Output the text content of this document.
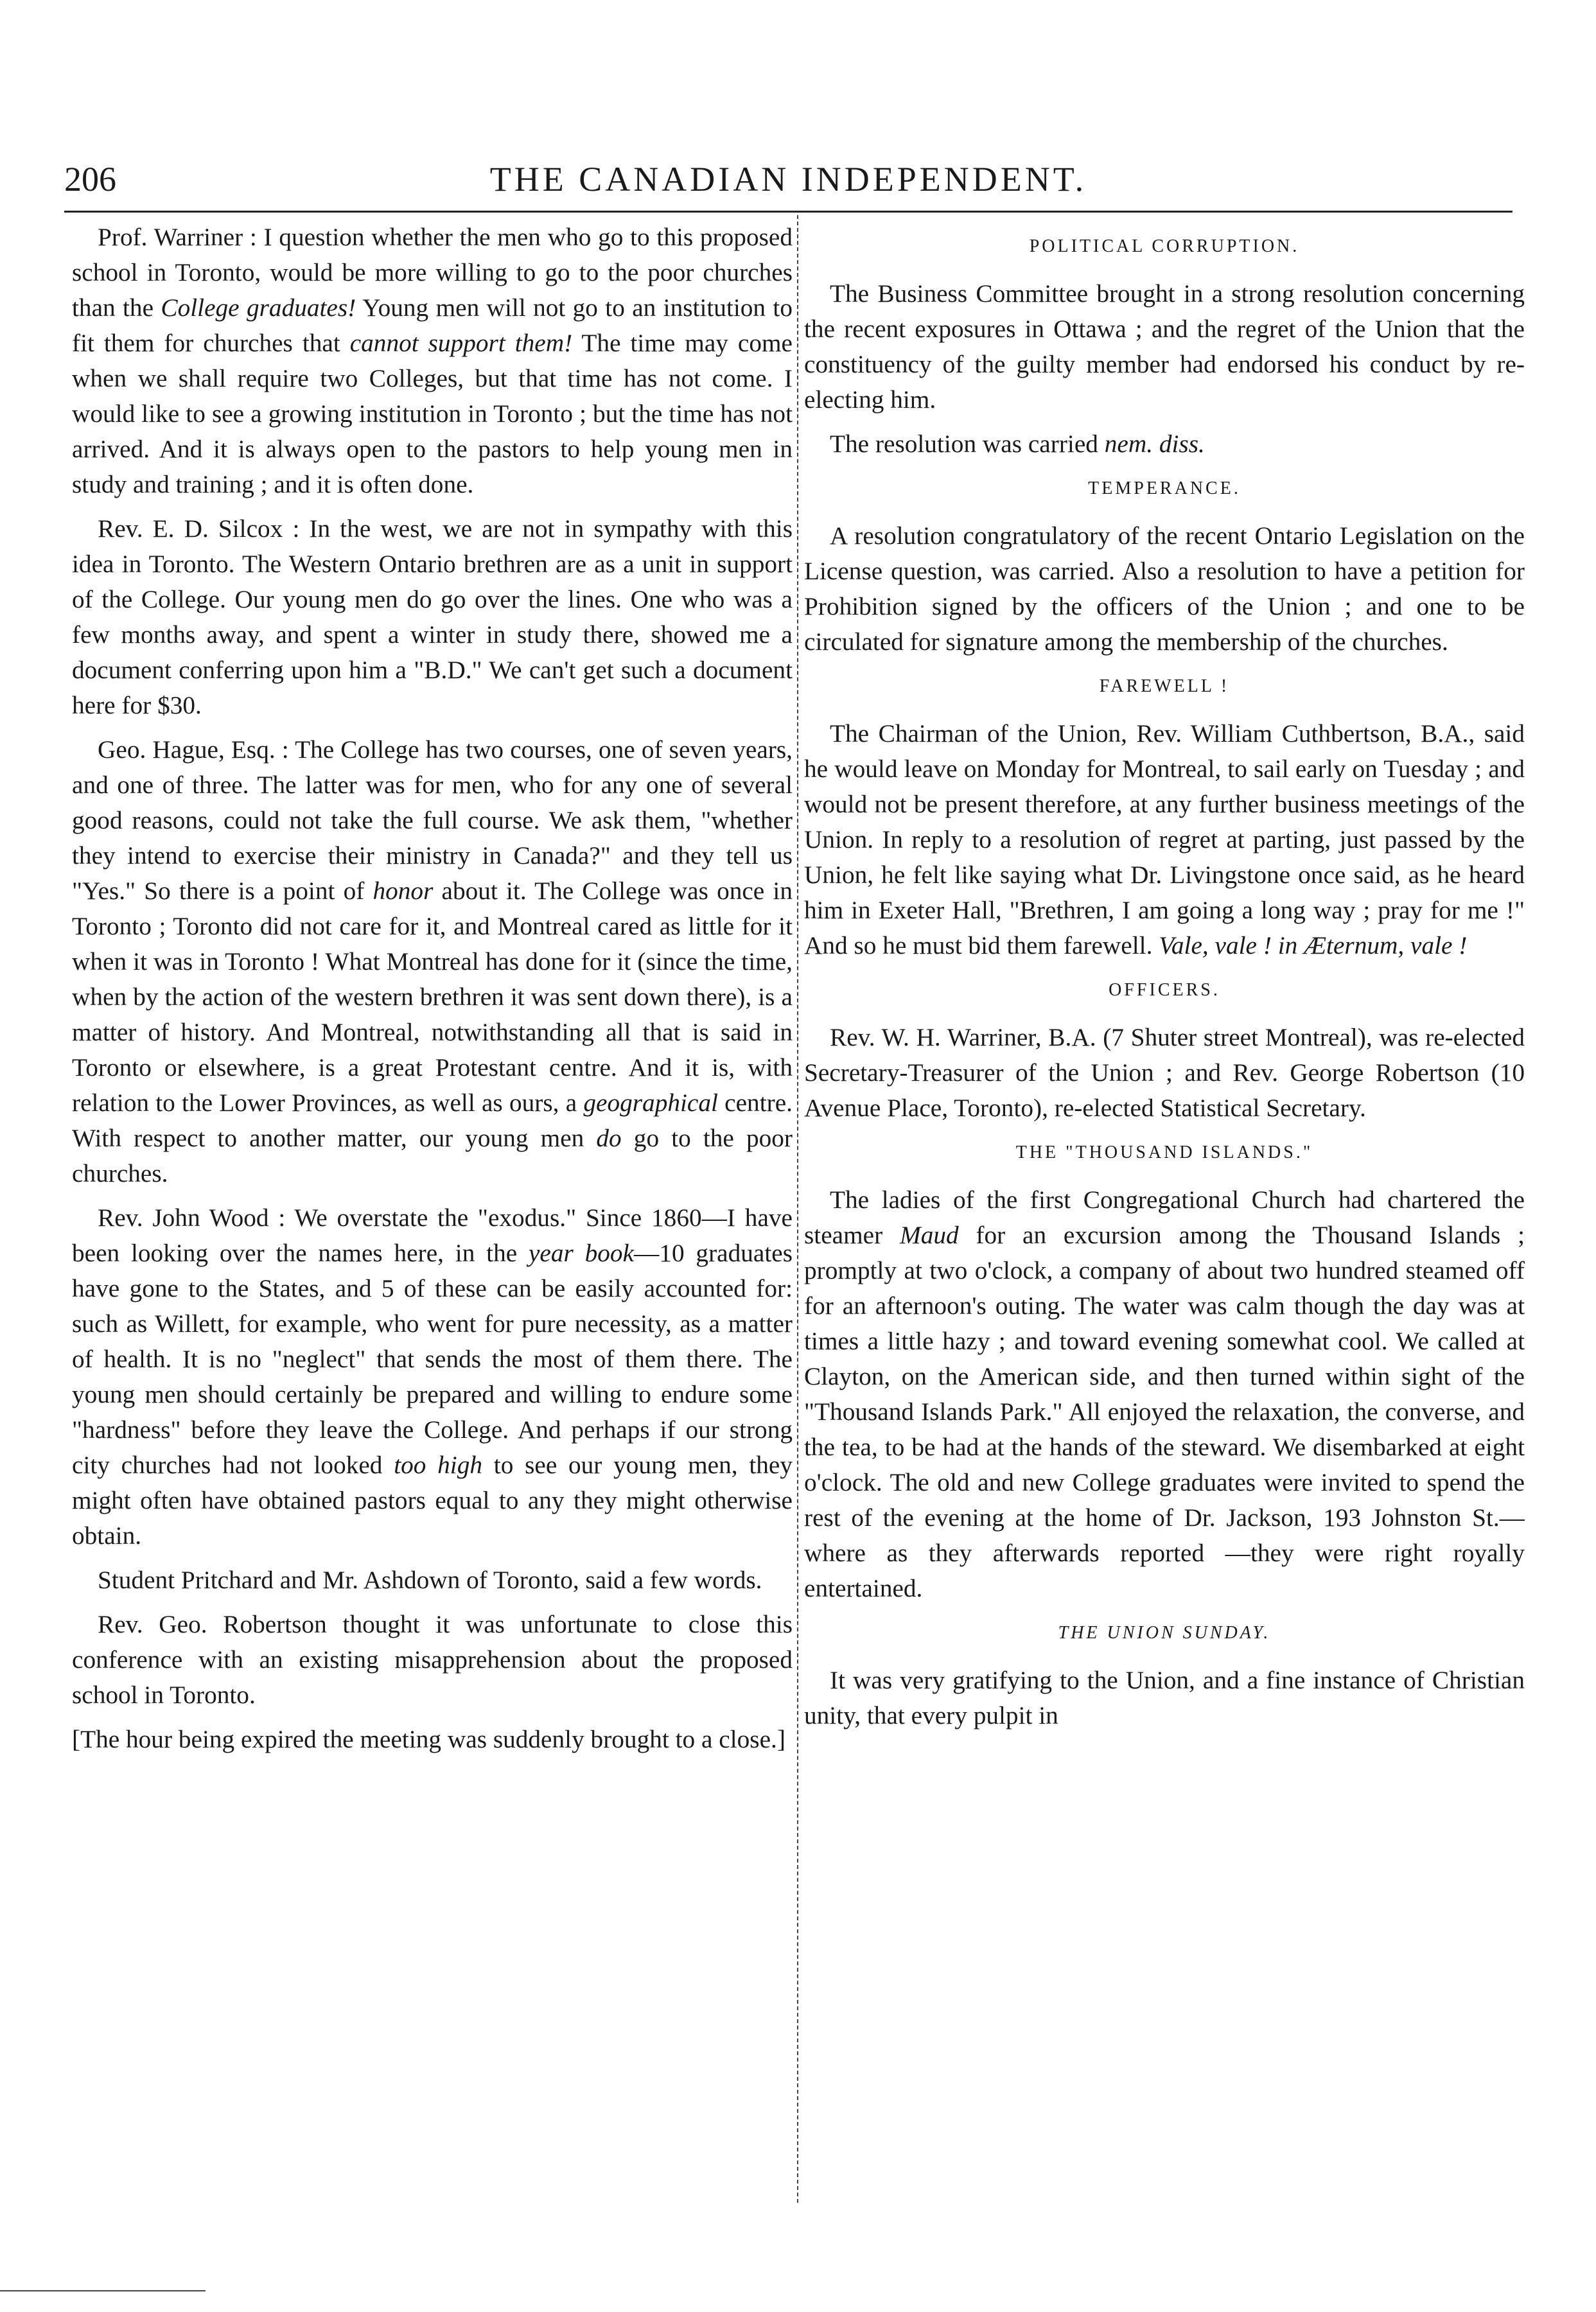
206	THE CANADIAN INDEPENDENT.

Prof. Warriner : I question whether the men who go to this proposed school in Toronto, would be more willing to go to the poor churches than the College graduates! Young men will not go to an institution to fit them for churches that cannot support them! The time may come when we shall require two Colleges, but that time has not come. I would like to see a growing institution in Toronto ; but the time has not arrived. And it is always open to the pastors to help young men in study and training ; and it is often done.

Rev. E. D. Silcox : In the west, we are not in sympathy with this idea in Toronto. The Western Ontario brethren are as a unit in support of the College. Our young men do go over the lines. One who was a few months away, and spent a winter in study there, showed me a document conferring upon him a "B.D." We can't get such a document here for $30.

Geo. Hague, Esq. : The College has two courses, one of seven years, and one of three. The latter was for men, who for any one of several good reasons, could not take the full course. We ask them, "whether they intend to exercise their ministry in Canada?" and they tell us "Yes." So there is a point of honor about it. The College was once in Toronto ; Toronto did not care for it, and Montreal cared as little for it when it was in Toronto ! What Montreal has done for it (since the time, when by the action of the western brethren it was sent down there), is a matter of history. And Montreal, notwithstanding all that is said in Toronto or elsewhere, is a great Protestant centre. And it is, with relation to the Lower Provinces, as well as ours, a geographical centre. With respect to another matter, our young men do go to the poor churches.

Rev. John Wood : We overstate the "exodus." Since 1860—I have been looking over the names here, in the year book—10 graduates have gone to the States, and 5 of these can be easily accounted for: such as Willett, for example, who went for pure necessity, as a matter of health. It is no "neglect" that sends the most of them there. The young men should certainly be prepared and willing to endure some "hardness" before they leave the College. And perhaps if our strong city churches had not looked too high to see our young men, they might often have obtained pastors equal to any they might otherwise obtain.

Student Pritchard and Mr. Ashdown of Toronto, said a few words.

Rev. Geo. Robertson thought it was unfortunate to close this conference with an existing misapprehension about the proposed school in Toronto.

[The hour being expired the meeting was suddenly brought to a close.]

POLITICAL CORRUPTION.

The Business Committee brought in a strong resolution concerning the recent exposures in Ottawa ; and the regret of the Union that the constituency of the guilty member had endorsed his conduct by re-electing him.

The resolution was carried nem. diss.

TEMPERANCE.

A resolution congratulatory of the recent Ontario Legislation on the License question, was carried. Also a resolution to have a petition for Prohibition signed by the officers of the Union ; and one to be circulated for signature among the membership of the churches.

FAREWELL !

The Chairman of the Union, Rev. William Cuthbertson, B.A., said he would leave on Monday for Montreal, to sail early on Tuesday ; and would not be present therefore, at any further business meetings of the Union. In reply to a resolution of regret at parting, just passed by the Union, he felt like saying what Dr. Livingstone once said, as he heard him in Exeter Hall, "Brethren, I am going a long way ; pray for me !" And so he must bid them farewell. Vale, vale ! in Æternum, vale !

OFFICERS.

Rev. W. H. Warriner, B.A. (7 Shuter street Montreal), was re-elected Secretary-Treasurer of the Union ; and Rev. George Robertson (10 Avenue Place, Toronto), re-elected Statistical Secretary.

THE "THOUSAND ISLANDS."

The ladies of the first Congregational Church had chartered the steamer Maud for an excursion among the Thousand Islands ; promptly at two o'clock, a company of about two hundred steamed off for an afternoon's outing. The water was calm though the day was at times a little hazy ; and toward evening somewhat cool. We called at Clayton, on the American side, and then turned within sight of the "Thousand Islands Park." All enjoyed the relaxation, the converse, and the tea, to be had at the hands of the steward. We disembarked at eight o'clock. The old and new College graduates were invited to spend the rest of the evening at the home of Dr. Jackson, 193 Johnston St.—where as they afterwards reported —they were right royally entertained.

THE UNION SUNDAY.

It was very gratifying to the Union, and a fine instance of Christian unity, that every pulpit in
